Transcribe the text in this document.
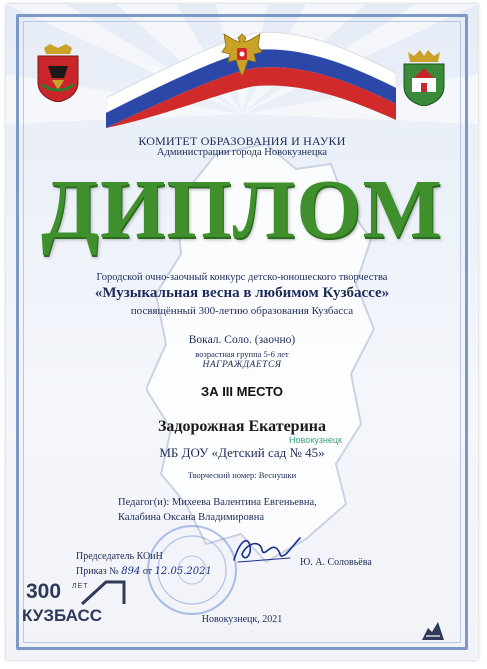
КОМИТЕТ ОБРАЗОВАНИЯ И НАУКИ
Администрации города Новокузнецка
ДИПЛОМ
Городской очно-заочный конкурс детско-юношеского творчества
«Музыкальная весна в любимом Кузбассе»
посвящённый 300-летию образования Кузбасса
Вокал. Соло. (заочно)
возрастная группа 5-6 лет
НАГРАЖДАЕТСЯ
ЗА III МЕСТО
Задорожная Екатерина
Новокузнецк
МБ ДОУ «Детский сад № 45»
Творческий номер: Веснушки
Педагог(и): Михеева Валентина Евгеньевна,
Калабина Оксана Владимировна
Председатель КОиН
Приказ № 894 от 12.05.2021
Ю. А. Соловьёва
Новокузнецк, 2021
300 ЛЕТ
КУЗБАСС
